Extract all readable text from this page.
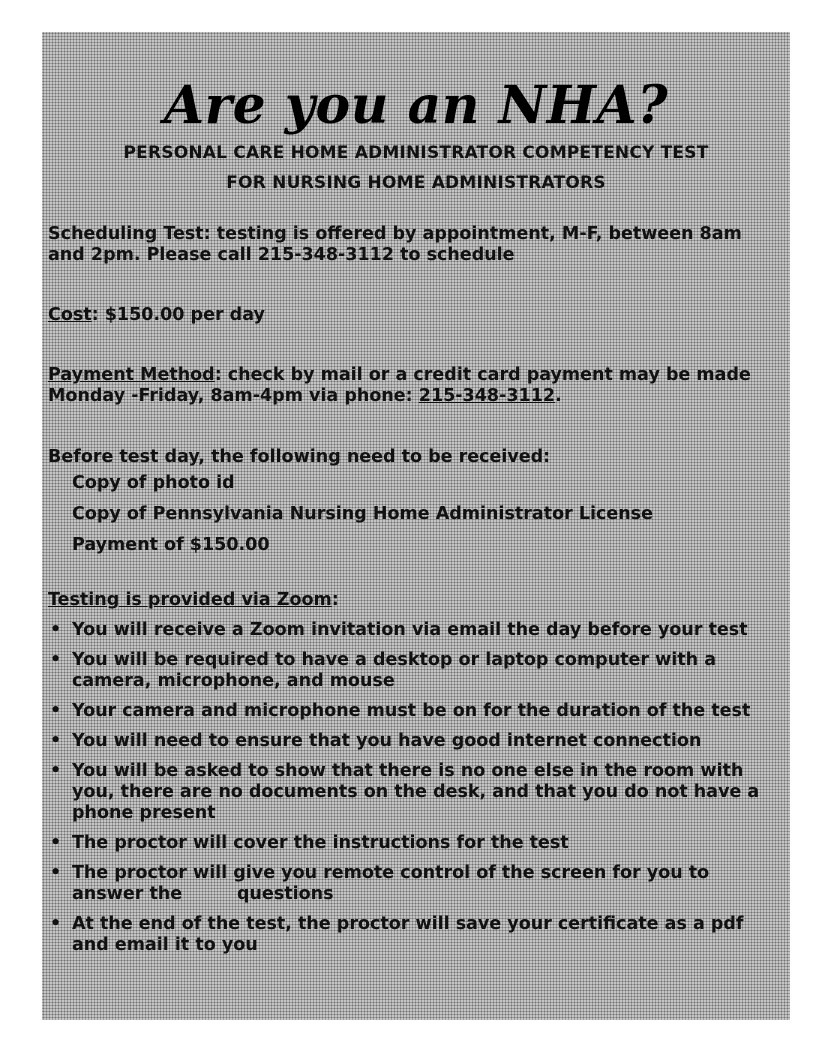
Are you an NHA?

PERSONAL CARE HOME ADMINISTRATOR COMPETENCY TEST

FOR NURSING HOME ADMINISTRATORS

Scheduling Test: testing is offered by appointment, M-F, between 8am and 2pm. Please call 215-348-3112 to schedule

Cost: $150.00 per day

Payment Method: check by mail or a credit card payment may be made Monday -Friday, 8am-4pm via phone: 215-348-3112.

Before test day, the following need to be received:

Copy of photo id
Copy of Pennsylvania Nursing Home Administrator License
Payment of $150.00

Testing is provided via Zoom:

• You will receive a Zoom invitation via email the day before your test
• You will be required to have a desktop or laptop computer with a camera, microphone, and mouse
• Your camera and microphone must be on for the duration of the test
• You will need to ensure that you have good internet connection
• You will be asked to show that there is no one else in the room with you, there are no documents on the desk, and that you do not have a phone present
• The proctor will cover the instructions for the test
• The proctor will give you remote control of the screen for you to answer the         questions
• At the end of the test, the proctor will save your certificate as a pdf and email it to you
